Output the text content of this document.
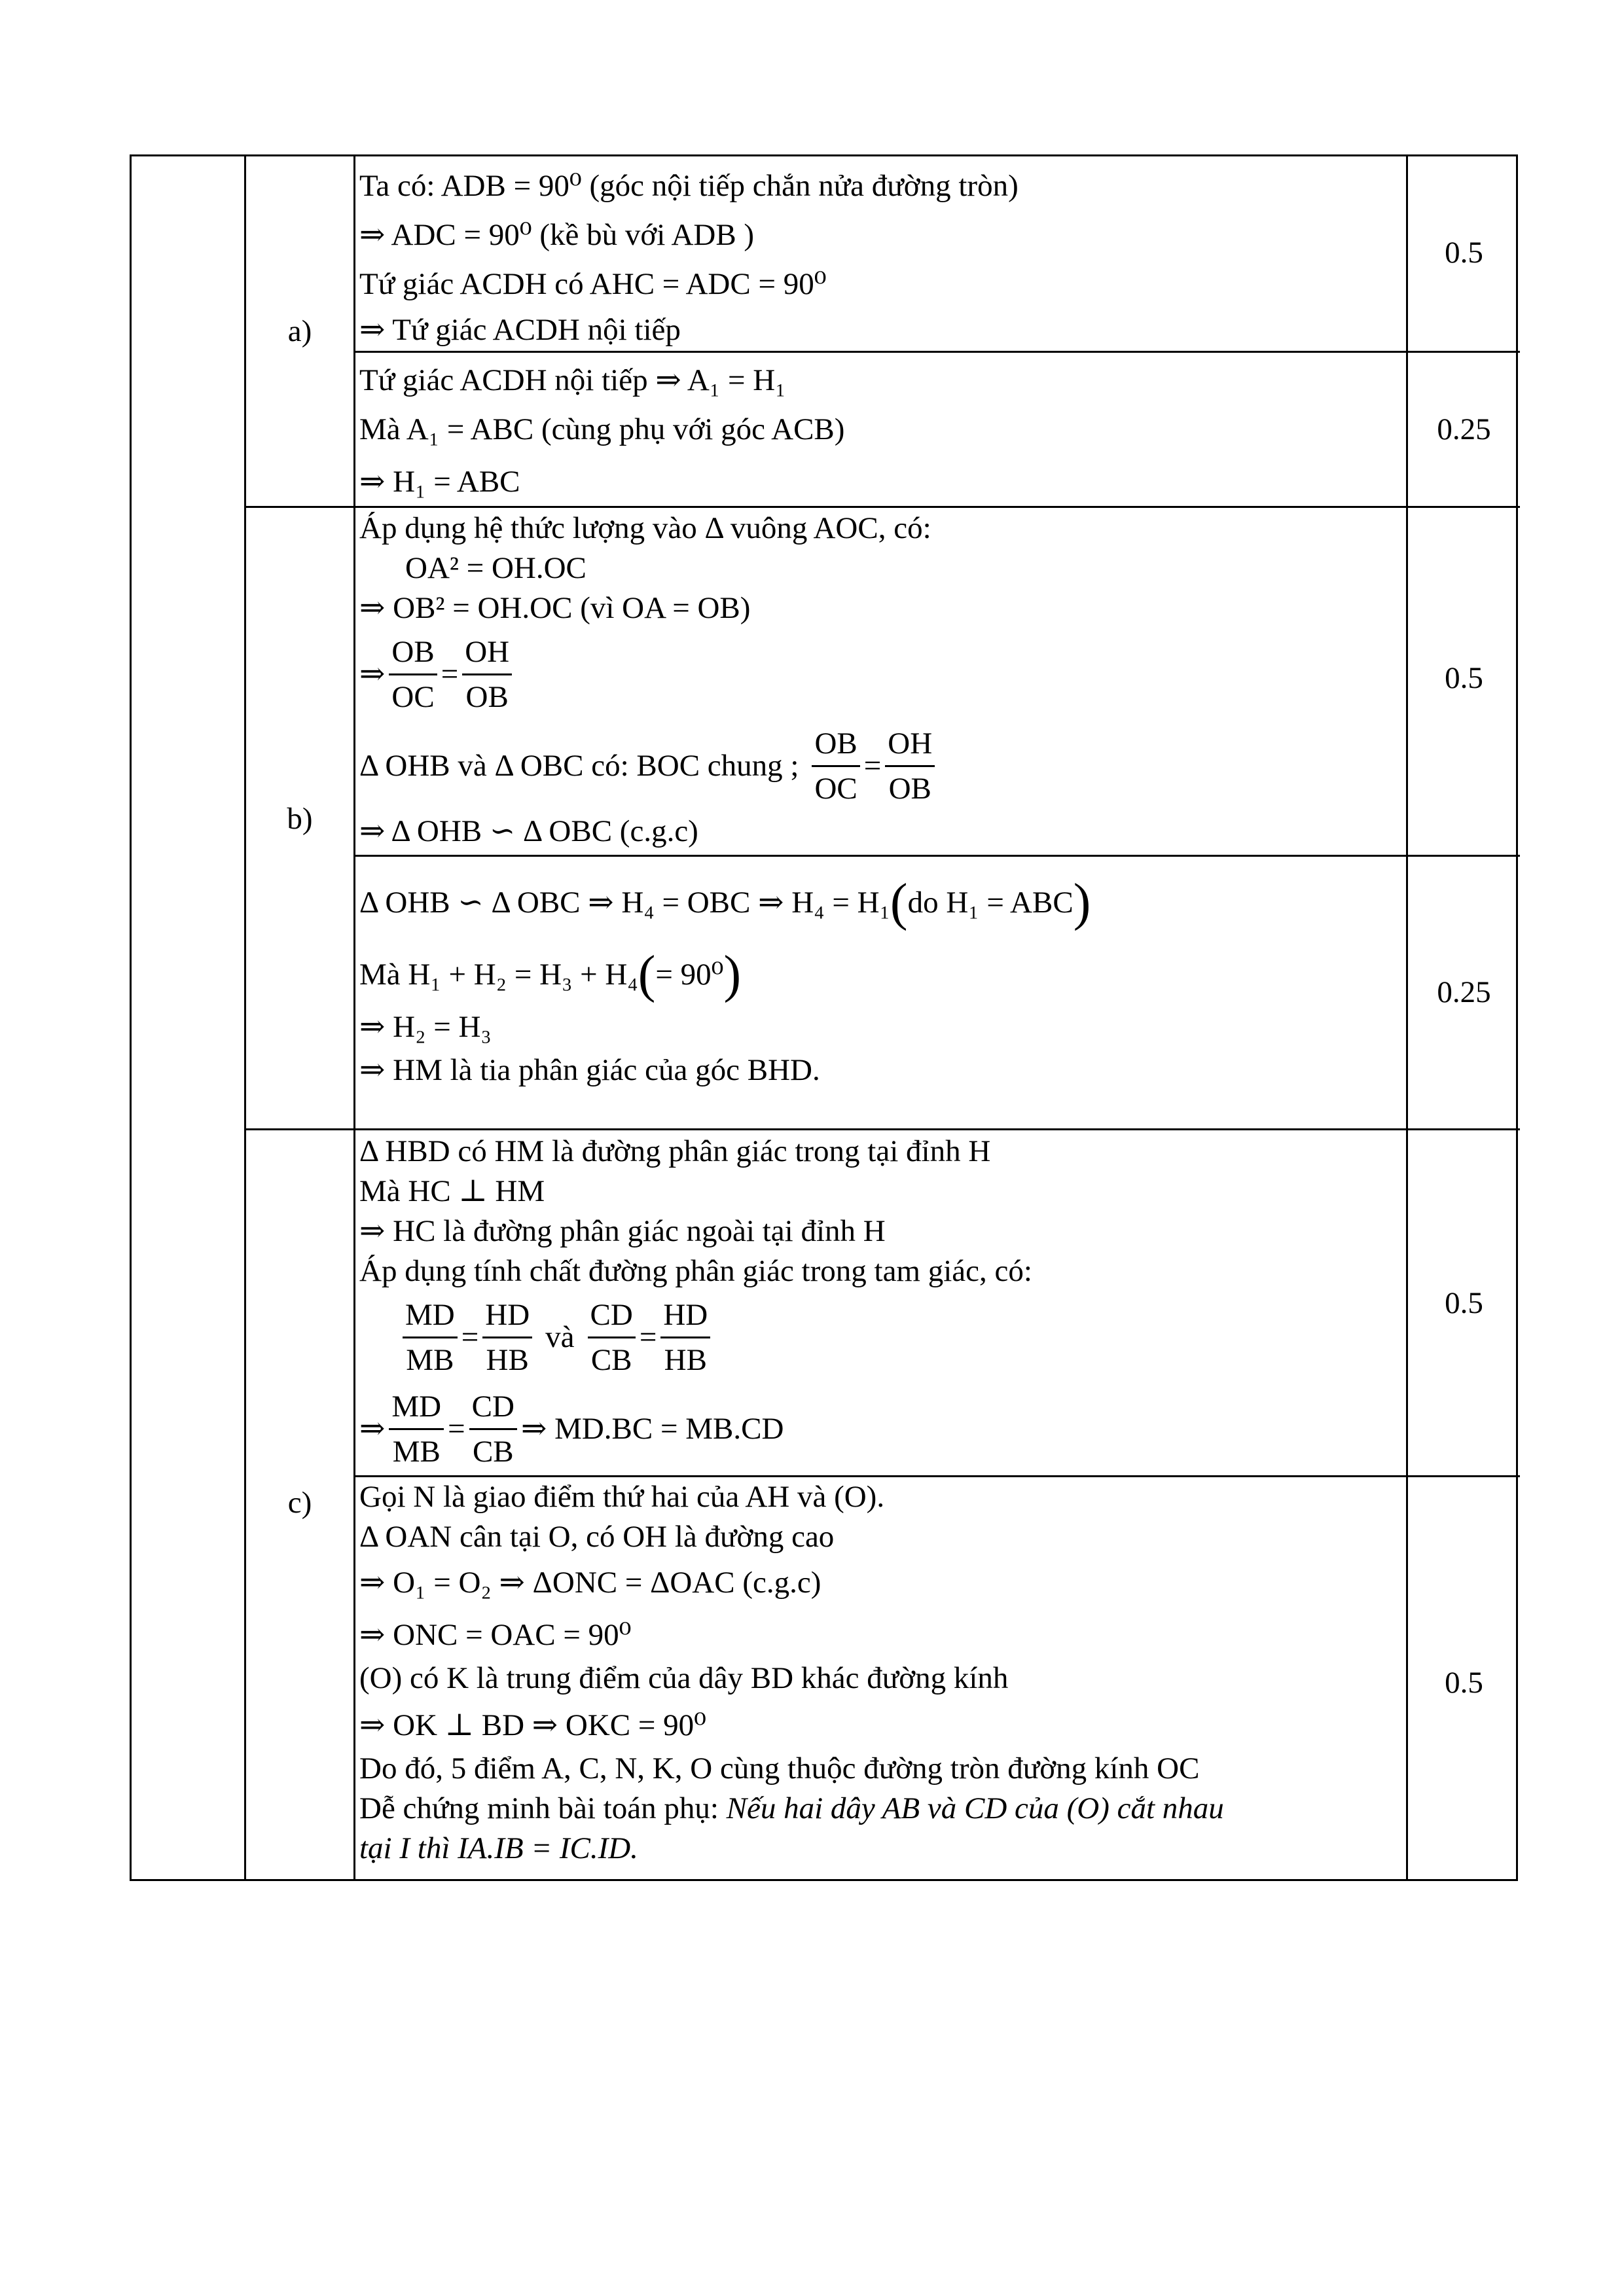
a)
b)
c)
0.5
0.25
0.5
0.25
0.5
0.5
Ta có: ADB = 90⁰ (góc nội tiếp chắn nửa đường tròn)
⇒ ADC = 90⁰ (kề bù với ADB )
Tứ giác ACDH có AHC = ADC = 90⁰
⇒ Tứ giác ACDH nội tiếp
Tứ giác ACDH nội tiếp ⇒ A₁ = H₁
Mà A₁ = ABC (cùng phụ với góc ACB)
⇒ H₁ = ABC
Áp dụng hệ thức lượng vào Δ vuông AOC, có:
OA² = OH.OC
⇒ OB² = OH.OC (vì OA = OB)
⇒ $\frac{OB}{OC} = \frac{OH}{OB}$
Δ OHB và Δ OBC có: BOC chung ; $\frac{OB}{OC} = \frac{OH}{OB}$
⇒ Δ OHB ∽ Δ OBC (c.g.c)
Δ OHB ∽ Δ OBC ⇒ H₄ = OBC ⇒ H₄ = H₁ ( do H₁ = ABC )
Mà H₁ + H₂ = H₃ + H₄ ( = 90⁰ )
⇒ H₂ = H₃
⇒ HM là tia phân giác của góc BHD.
Δ HBD có HM là đường phân giác trong tại đỉnh H
Mà HC ⊥ HM
⇒ HC là đường phân giác ngoài tại đỉnh H
Áp dụng tính chất đường phân giác trong tam giác, có:
$\frac{MD}{MB} = \frac{HD}{HB}$ và $\frac{CD}{CB} = \frac{HD}{HB}$
⇒ $\frac{MD}{MB} = \frac{CD}{CB}$ ⇒ MD.BC = MB.CD
Gọi N là giao điểm thứ hai của AH và (O).
Δ OAN cân tại O, có OH là đường cao
⇒ O₁ = O₂ ⇒ ΔONC = ΔOAC (c.g.c)
⇒ ONC = OAC = 90⁰
(O) có K là trung điểm của dây BD khác đường kính
⇒ OK ⊥ BD ⇒ OKC = 90⁰
Do đó, 5 điểm A, C, N, K, O cùng thuộc đường tròn đường kính OC
Dễ chứng minh bài toán phụ: Nếu hai dây AB và CD của (O) cắt nhau
tại I thì IA.IB = IC.ID.
